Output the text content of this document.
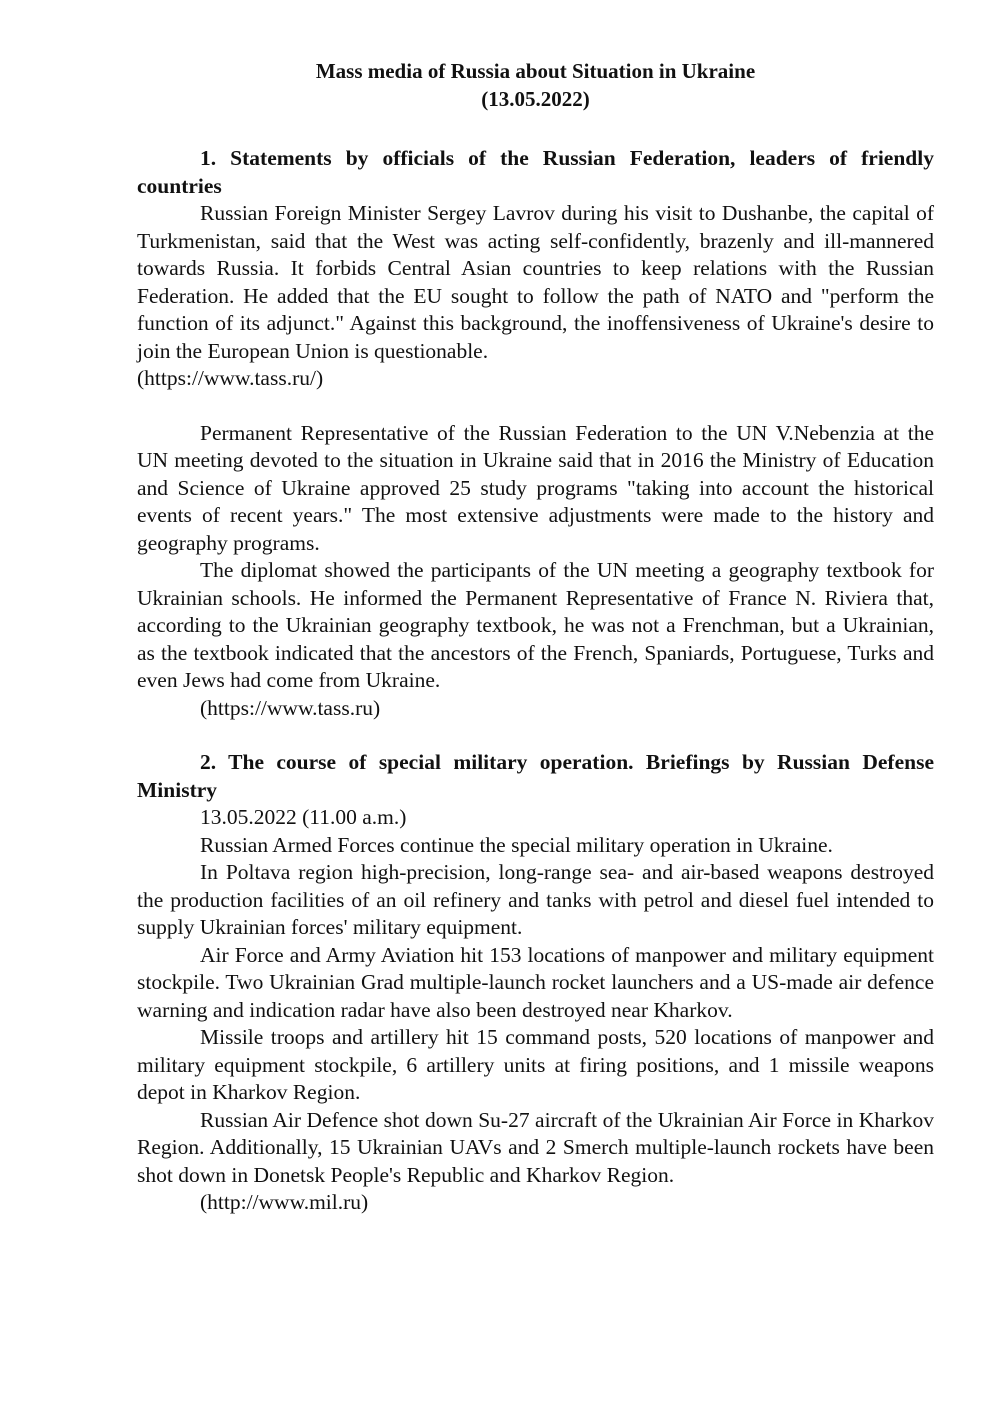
Mass media of Russia about Situation in Ukraine
(13.05.2022)
1. Statements by officials of the Russian Federation, leaders of friendly countries

Russian Foreign Minister Sergey Lavrov during his visit to Dushanbe, the capital of Turkmenistan, said that the West was acting self-confidently, brazenly and ill-mannered towards Russia. It forbids Central Asian countries to keep relations with the Russian Federation. He added that the EU sought to follow the path of NATO and "perform the function of its adjunct." Against this background, the inoffensiveness of Ukraine's desire to join the European Union is questionable.
(https://www.tass.ru/)

Permanent Representative of the Russian Federation to the UN V.Nebenzia at the UN meeting devoted to the situation in Ukraine said that in 2016 the Ministry of Education and Science of Ukraine approved 25 study programs "taking into account the historical events of recent years." The most extensive adjustments were made to the history and geography programs.

The diplomat showed the participants of the UN meeting a geography textbook for Ukrainian schools. He informed the Permanent Representative of France N. Riviera that, according to the Ukrainian geography textbook, he was not a Frenchman, but a Ukrainian, as the textbook indicated that the ancestors of the French, Spaniards, Portuguese, Turks and even Jews had come from Ukraine.
(https://www.tass.ru)

2. The course of special military operation. Briefings by Russian Defense Ministry

13.05.2022 (11.00 a.m.)

Russian Armed Forces continue the special military operation in Ukraine.

In Poltava region high-precision, long-range sea- and air-based weapons destroyed the production facilities of an oil refinery and tanks with petrol and diesel fuel intended to supply Ukrainian forces' military equipment.

Air Force and Army Aviation hit 153 locations of manpower and military equipment stockpile. Two Ukrainian Grad multiple-launch rocket launchers and a US-made air defence warning and indication radar have also been destroyed near Kharkov.

Missile troops and artillery hit 15 command posts, 520 locations of manpower and military equipment stockpile, 6 artillery units at firing positions, and 1 missile weapons depot in Kharkov Region.

Russian Air Defence shot down Su-27 aircraft of the Ukrainian Air Force in Kharkov Region. Additionally, 15 Ukrainian UAVs and 2 Smerch multiple-launch rockets have been shot down in Donetsk People's Republic and Kharkov Region.
(http://www.mil.ru)
